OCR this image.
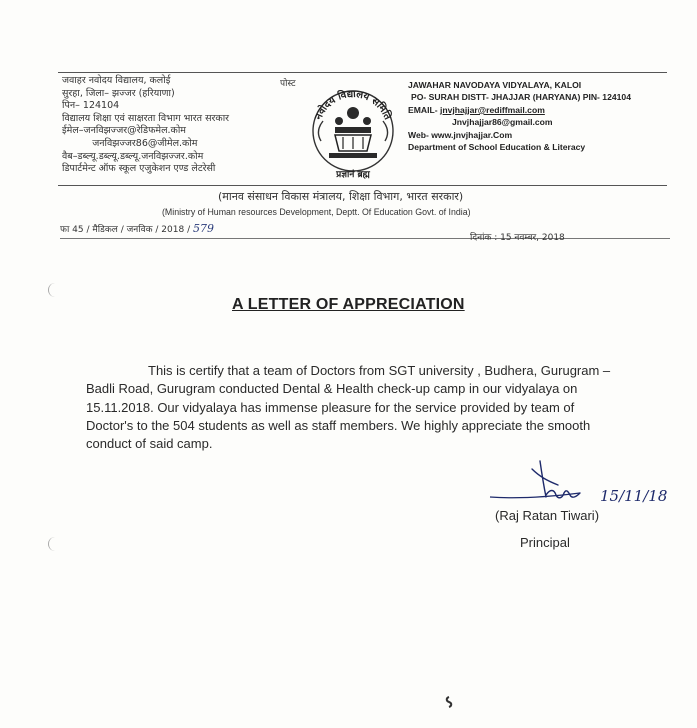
जवाहर नवोदय विद्यालय, कलोई
सुरहा, जिला– झज्जर (हरियाणा)
पिन– 124104
विद्यालय शिक्षा एवं साक्षरता विभाग भारत सरकार
ईमेल–जनविझज्जर@रेडिफमेल.कोम
जनविझज्जर86@जीमेल.कोम
वैब–डब्ल्यू.डब्ल्यू.डब्ल्यू.जनविझज्जर.कोम
डिपार्टमेन्ट ऑफ स्कूल एजुकेशन एण्ड लेटरेसी
पोस्ट
नवोदय विद्यालय समिति
प्रज्ञानं ब्रह्म
JAWAHAR NAVODAYA VIDYALAYA, KALOI
PO- SURAH DISTT- JHAJJAR (HARYANA) PIN- 124104
EMAIL- jnvjhajjar@rediffmail.com
Jnvjhajjar86@gmail.com
Web- www.jnvjhajjar.Com
Department of School Education & Literacy
(मानव संसाधन विकास मंत्रालय, शिक्षा विभाग, भारत सरकार)
(Ministry of Human resources Development, Deptt. Of Education Govt. of India)
फा 45 / मैडिकल / जनविक / 2018 / 579
दिनांक : 15 नवम्बर, 2018
A LETTER OF APPRECIATION
This is certify that a team of Doctors from SGT university , Budhera, Gurugram –
Badli Road, Gurugram conducted Dental & Health check-up camp in our vidyalaya on
15.11.2018. Our vidyalaya has immense pleasure for the service provided by team of
Doctor's to the 504 students as well as staff members. We highly appreciate the smooth
conduct of said camp.
15/11/18
(Raj Ratan Tiwari)
Principal
